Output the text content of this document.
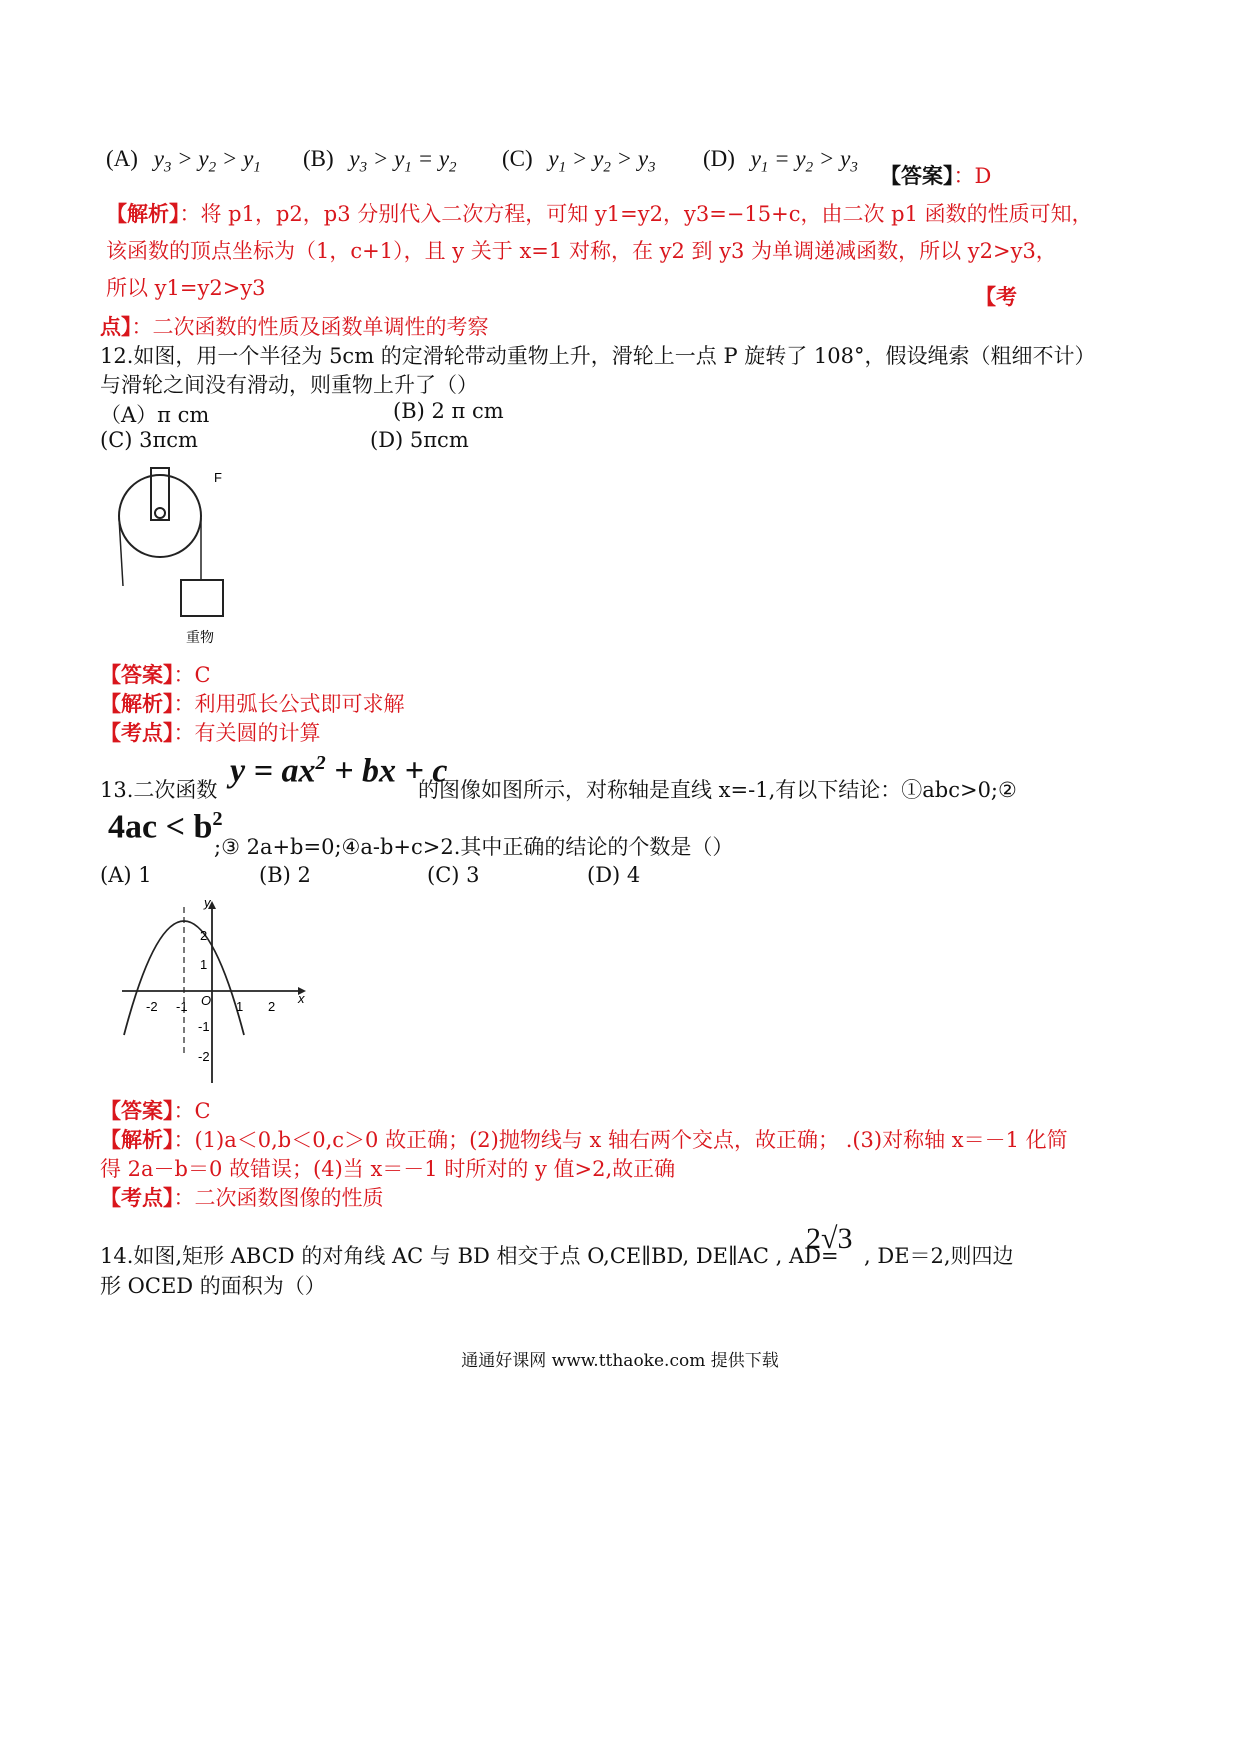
(A) $y_3 > y_2 > y_1$ (B) $y_3 > y_1 = y_2$ (C) $y_1 > y_2 > y_3$ (D) $y_1 = y_2 > y_3$ 【答案】：D
【解析】：将 p1，p2，p3 分别代入二次方程，可知 y1=y2，y3=−15+c，由二次 p1 函数的性质可知，
该函数的顶点坐标为（1，c+1），且 y 关于 x=1 对称，在 y2 到 y3 为单调递减函数，所以 y2>y3，
所以 y1=y2>y3	【考
点】：二次函数的性质及函数单调性的考察
12.如图，用一个半径为 5cm 的定滑轮带动重物上升，滑轮上一点 P 旋转了 108°，假设绳索（粗细不计）
与滑轮之间没有滑动，则重物上升了（）
（A）π cm	(B) 2 π cm
(C) 3πcm	(D) 5πcm
F
重物
【答案】：C
【解析】：利用弧长公式即可求解
【考点】：有关圆的计算
13.二次函数
$y = ax^2$ + bx + c
的图像如图所示，对称轴是直线 x=-1,有以下结论：①abc>0;②
$4ac < b^2$
;③ 2a+b=0;④a-b+c>2.其中正确的结论的个数是（）
(A) 1	(B) 2	(C) 3	(D) 4
-2 -1	1 2
2
1
-1
-2
O	x
y
【答案】：C
【解析】：(1)a＜0,b＜0,c＞0 故正确；(2)抛物线与 x 轴右两个交点，故正确； .(3)对称轴 x＝－1 化简
得 2a－b＝0 故错误；(4)当 x＝－1 时所对的 y 值>2,故正确
【考点】：二次函数图像的性质
14.如图,矩形 ABCD 的对角线 AC 与 BD 相交于点 O,CE∥BD, DE∥AC , AD=
2√3
, DE＝2,则四边
形 OCED 的面积为（）
通通好课网 www.tthaoke.com 提供下载
